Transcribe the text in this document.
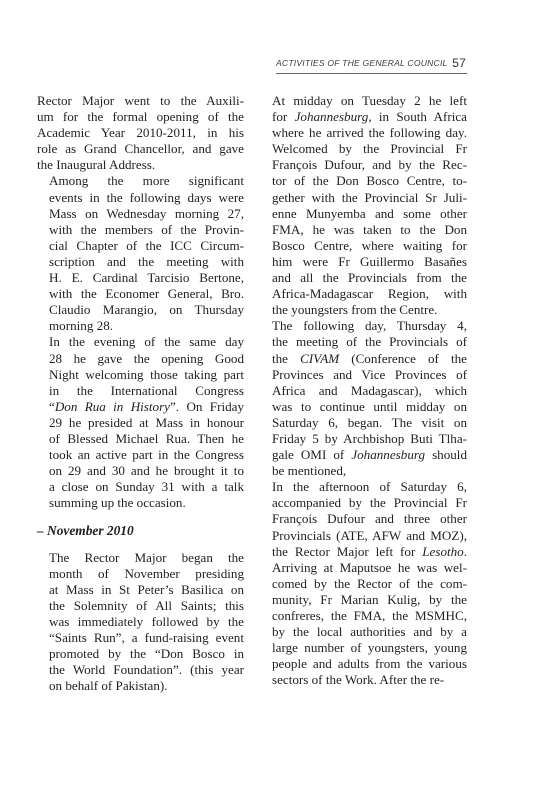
ACTIVITIES OF THE GENERAL COUNCIL 57

Rector Major went to the Auxili-
um for the formal opening of the
Academic Year 2010-2011, in his
role as Grand Chancellor, and gave
the Inaugural Address.

Among the more significant
events in the following days were
Mass on Wednesday morning 27,
with the members of the Provin-
cial Chapter of the ICC Circum-
scription and the meeting with
H. E. Cardinal Tarcisio Bertone,
with the Economer General, Bro.
Claudio Marangio, on Thursday
morning 28.

In the evening of the same day
28 he gave the opening Good
Night welcoming those taking part
in the International Congress
“Don Rua in History”. On Friday
29 he presided at Mass in honour
of Blessed Michael Rua. Then he
took an active part in the Congress
on 29 and 30 and he brought it to
a close on Sunday 31 with a talk
summing up the occasion.

– November 2010

The Rector Major began the
month of November presiding
at Mass in St Peter’s Basilica on
the Solemnity of All Saints; this
was immediately followed by the
“Saints Run”, a fund-raising event
promoted by the “Don Bosco in
the World Foundation”. (this year
on behalf of Pakistan).

At midday on Tuesday 2 he left
for Johannesburg, in South Africa
where he arrived the following day.
Welcomed by the Provincial Fr
François Dufour, and by the Rec-
tor of the Don Bosco Centre, to-
gether with the Provincial Sr Juli-
enne Munyemba and some other
FMA, he was taken to the Don
Bosco Centre, where waiting for
him were Fr Guillermo Basañes
and all the Provincials from the
Africa-Madagascar Region, with
the youngsters from the Centre.

The following day, Thursday 4,
the meeting of the Provincials of
the CIVAM (Conference of the
Provinces and Vice Provinces of
Africa and Madagascar), which
was to continue until midday on
Saturday 6, began. The visit on
Friday 5 by Archbishop Buti Tlha-
gale OMI of Johannesburg should
be mentioned,

In the afternoon of Saturday 6,
accompanied by the Provincial Fr
François Dufour and three other
Provincials (ATE, AFW and MOZ),
the Rector Major left for Lesotho.
Arriving at Maputsoe he was wel-
comed by the Rector of the com-
munity, Fr Marian Kulig, by the
confreres, the FMA, the MSMHC,
by the local authorities and by a
large number of youngsters, young
people and adults from the various
sectors of the Work. After the re-
